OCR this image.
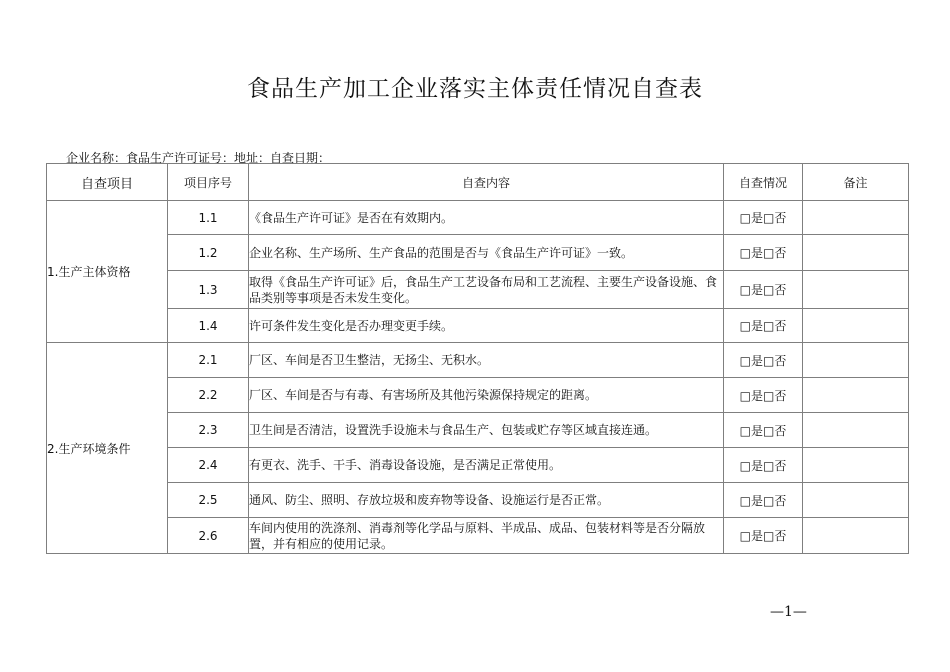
食品生产加工企业落实主体责任情况自查表
企业名称：食品生产许可证号：地址：自查日期：
自查项目	项目序号	自查内容	自查情况	备注
1.生产主体资格	1.1	《食品生产许可证》是否在有效期内。	□是□否	
	1.2	企业名称、生产场所、生产食品的范围是否与《食品生产许可证》一致。	□是□否	
	1.3	取得《食品生产许可证》后，食品生产工艺设备布局和工艺流程、主要生产设备设施、食品类别等事项是否未发生变化。	□是□否	
	1.4	许可条件发生变化是否办理变更手续。	□是□否	
2.生产环境条件	2.1	厂区、车间是否卫生整洁，无扬尘、无积水。	□是□否	
	2.2	厂区、车间是否与有毒、有害场所及其他污染源保持规定的距离。	□是□否	
	2.3	卫生间是否清洁，设置洗手设施未与食品生产、包装或贮存等区域直接连通。	□是□否	
	2.4	有更衣、洗手、干手、消毒设备设施，是否满足正常使用。	□是□否	
	2.5	通风、防尘、照明、存放垃圾和废弃物等设备、设施运行是否正常。	□是□否	
	2.6	车间内使用的洗涤剂、消毒剂等化学品与原料、半成品、成品、包装材料等是否分隔放置，并有相应的使用记录。	□是□否	
—1—
